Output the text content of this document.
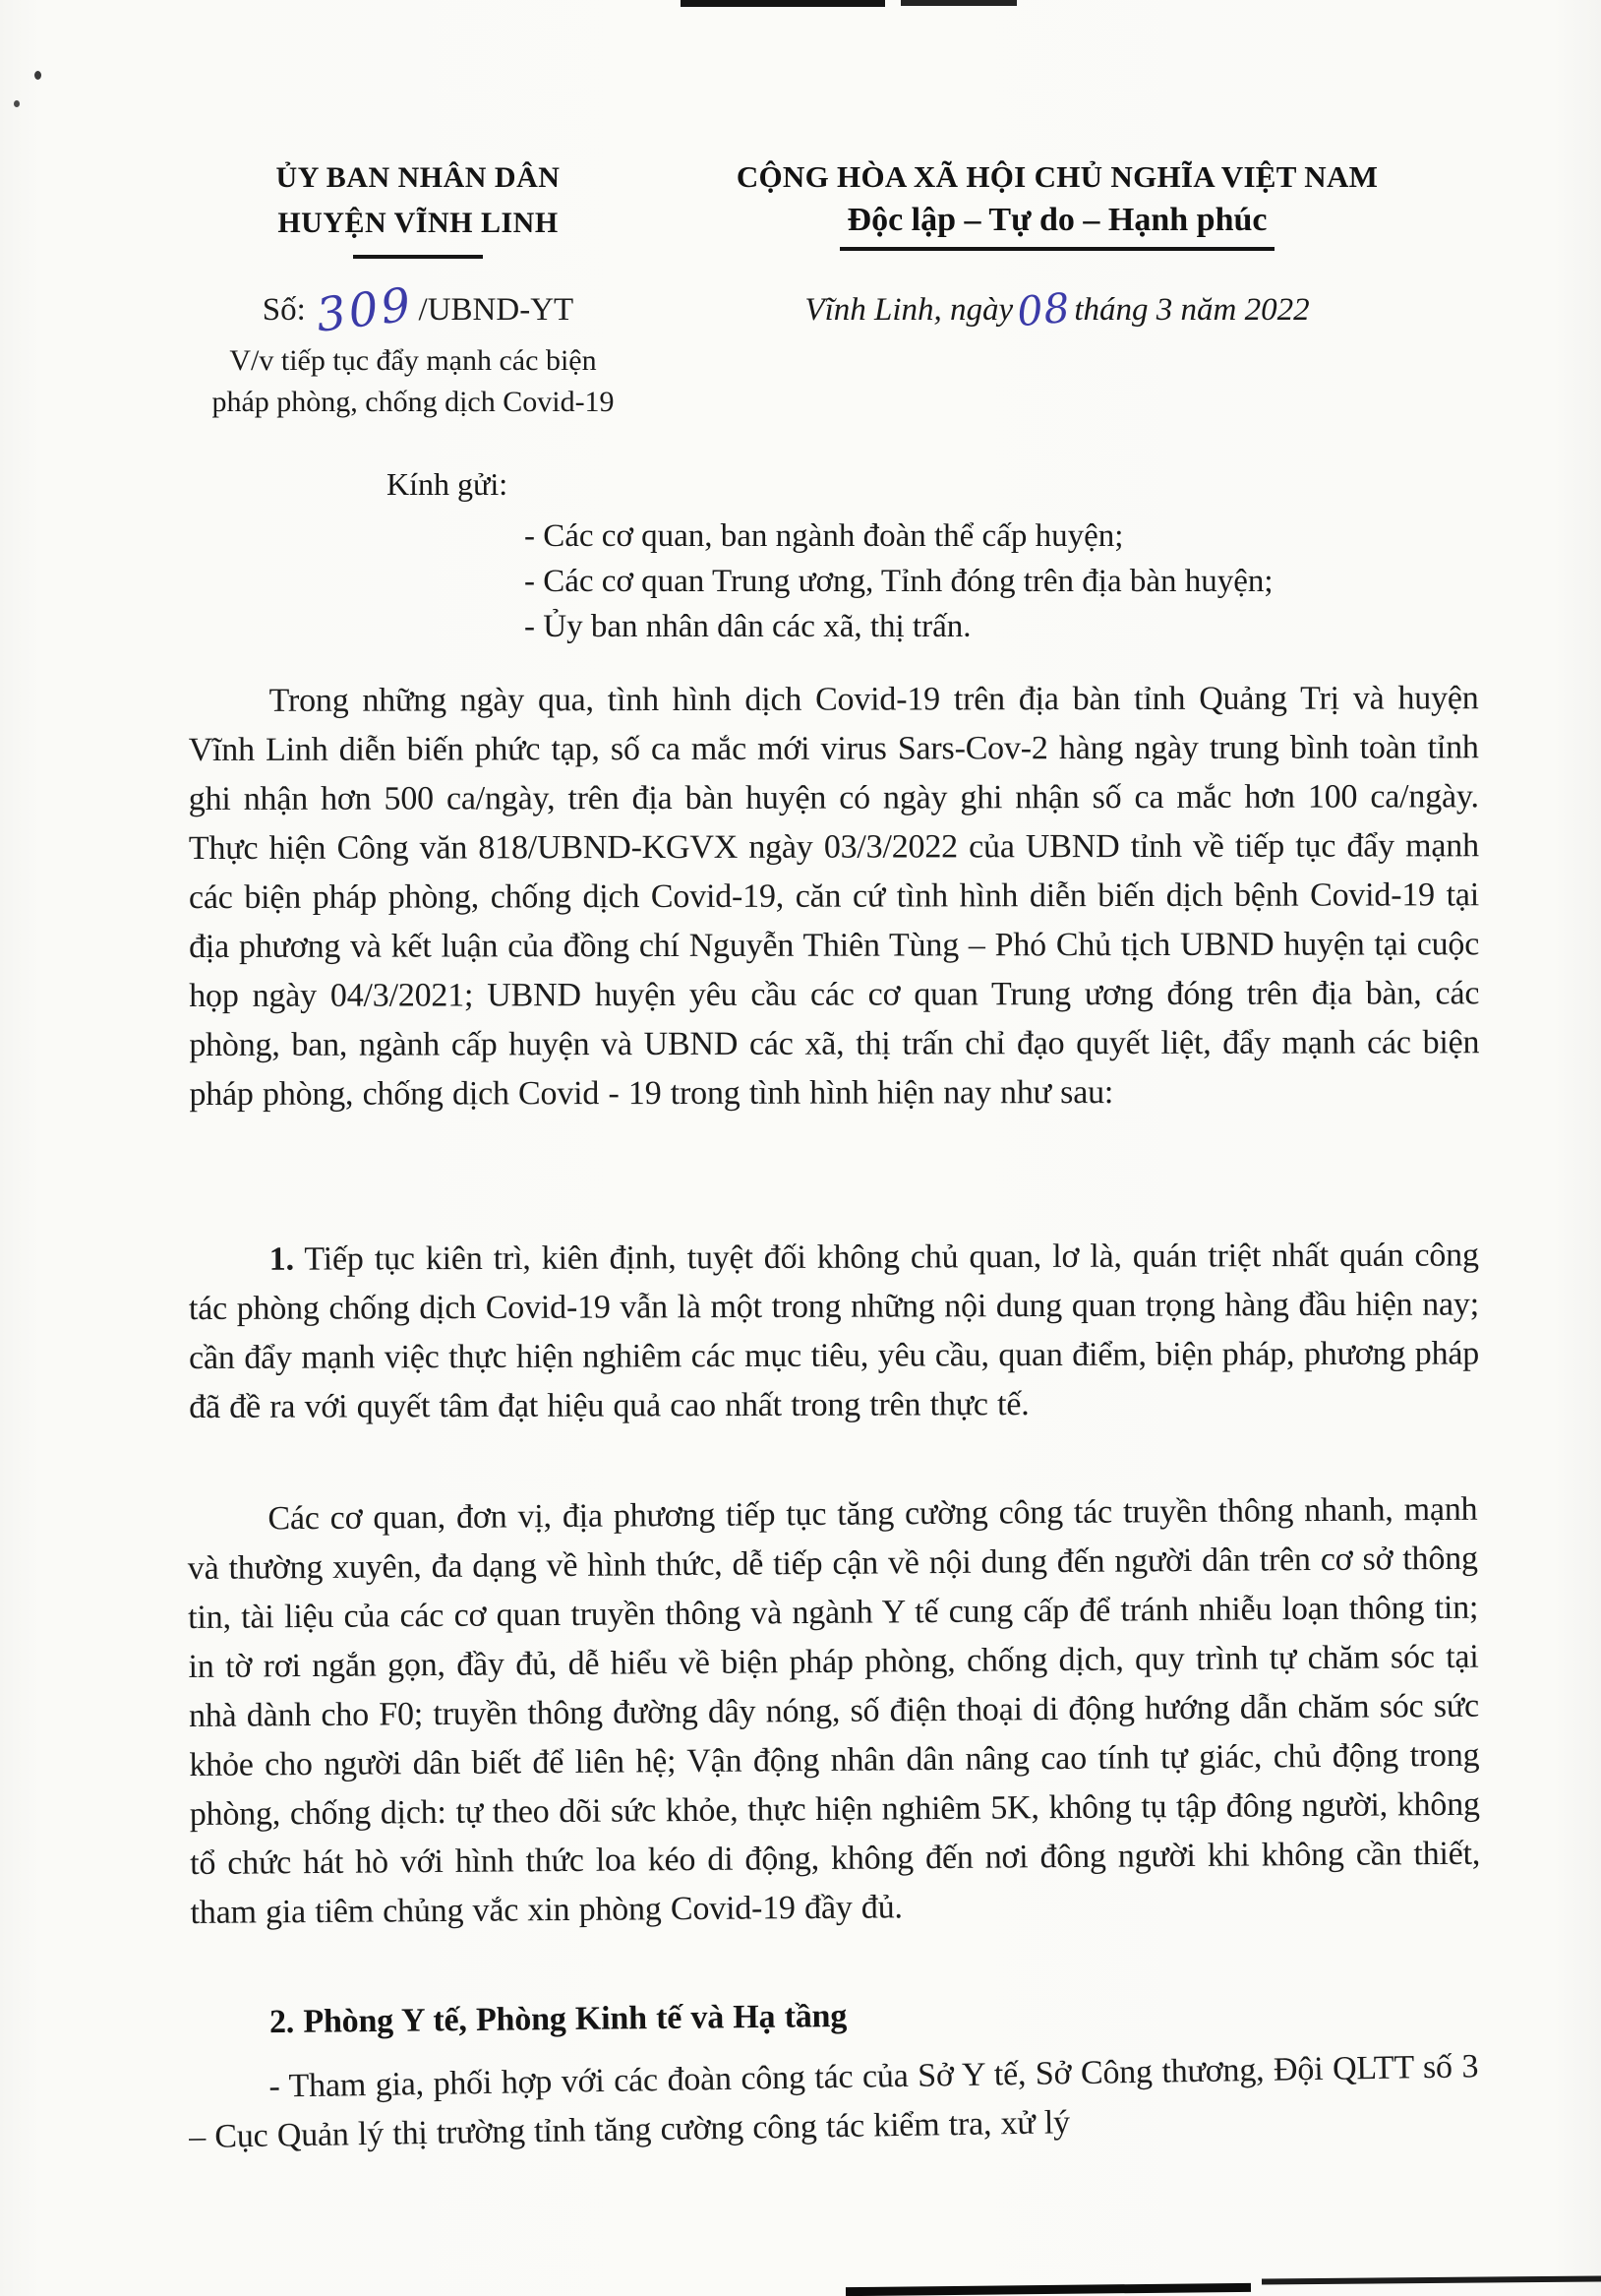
ỦY BAN NHÂN DÂN
HUYỆN VĨNH LINH
CỘNG HÒA XÃ HỘI CHỦ NGHĨA VIỆT NAM
Độc lập – Tự do – Hạnh phúc
Số: 309/UBND-YT
V/v tiếp tục đẩy mạnh các biện
pháp phòng, chống dịch Covid-19
Vĩnh Linh, ngày08tháng 3 năm 2022
Kính gửi:
- Các cơ quan, ban ngành đoàn thể cấp huyện;
- Các cơ quan Trung ương, Tỉnh đóng trên địa bàn huyện;
- Ủy ban nhân dân các xã, thị trấn.
Trong những ngày qua, tình hình dịch Covid-19 trên địa bàn tỉnh Quảng Trị và huyện Vĩnh Linh diễn biến phức tạp, số ca mắc mới virus Sars-Cov-2 hàng ngày trung bình toàn tỉnh ghi nhận hơn 500 ca/ngày, trên địa bàn huyện có ngày ghi nhận số ca mắc hơn 100 ca/ngày. Thực hiện Công văn 818/UBND-KGVX ngày 03/3/2022 của UBND tỉnh về tiếp tục đẩy mạnh các biện pháp phòng, chống dịch Covid-19, căn cứ tình hình diễn biến dịch bệnh Covid-19 tại địa phương và kết luận của đồng chí Nguyễn Thiên Tùng – Phó Chủ tịch UBND huyện tại cuộc họp ngày 04/3/2021; UBND huyện yêu cầu các cơ quan Trung ương đóng trên địa bàn, các phòng, ban, ngành cấp huyện và UBND các xã, thị trấn chỉ đạo quyết liệt, đẩy mạnh các biện pháp phòng, chống dịch Covid - 19 trong tình hình hiện nay như sau:
1. Tiếp tục kiên trì, kiên định, tuyệt đối không chủ quan, lơ là, quán triệt nhất quán công tác phòng chống dịch Covid-19 vẫn là một trong những nội dung quan trọng hàng đầu hiện nay; cần đẩy mạnh việc thực hiện nghiêm các mục tiêu, yêu cầu, quan điểm, biện pháp, phương pháp đã đề ra với quyết tâm đạt hiệu quả cao nhất trong trên thực tế.
Các cơ quan, đơn vị, địa phương tiếp tục tăng cường công tác truyền thông nhanh, mạnh và thường xuyên, đa dạng về hình thức, dễ tiếp cận về nội dung đến người dân trên cơ sở thông tin, tài liệu của các cơ quan truyền thông và ngành Y tế cung cấp để tránh nhiễu loạn thông tin; in tờ rơi ngắn gọn, đầy đủ, dễ hiểu về biện pháp phòng, chống dịch, quy trình tự chăm sóc tại nhà dành cho F0; truyền thông đường dây nóng, số điện thoại di động hướng dẫn chăm sóc sức khỏe cho người dân biết để liên hệ; Vận động nhân dân nâng cao tính tự giác, chủ động trong phòng, chống dịch: tự theo dõi sức khỏe, thực hiện nghiêm 5K, không tụ tập đông người, không tổ chức hát hò với hình thức loa kéo di động, không đến nơi đông người khi không cần thiết, tham gia tiêm chủng vắc xin phòng Covid-19 đầy đủ.
2. Phòng Y tế, Phòng Kinh tế và Hạ tầng
- Tham gia, phối hợp với các đoàn công tác của Sở Y tế, Sở Công thương, Đội QLTT số 3 – Cục Quản lý thị trường tỉnh tăng cường công tác kiểm tra, xử lý
